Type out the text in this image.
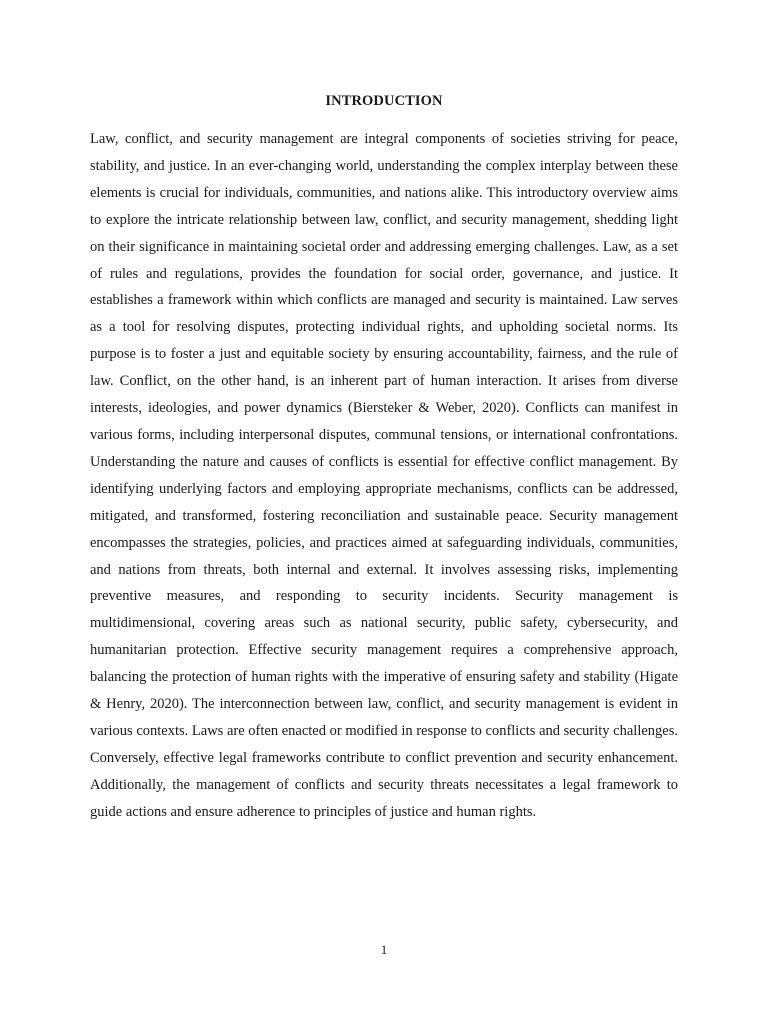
INTRODUCTION

Law, conflict, and security management are integral components of societies striving for peace, stability, and justice. In an ever-changing world, understanding the complex interplay between these elements is crucial for individuals, communities, and nations alike. This introductory overview aims to explore the intricate relationship between law, conflict, and security management, shedding light on their significance in maintaining societal order and addressing emerging challenges. Law, as a set of rules and regulations, provides the foundation for social order, governance, and justice. It establishes a framework within which conflicts are managed and security is maintained. Law serves as a tool for resolving disputes, protecting individual rights, and upholding societal norms. Its purpose is to foster a just and equitable society by ensuring accountability, fairness, and the rule of law. Conflict, on the other hand, is an inherent part of human interaction. It arises from diverse interests, ideologies, and power dynamics (Biersteker & Weber, 2020). Conflicts can manifest in various forms, including interpersonal disputes, communal tensions, or international confrontations. Understanding the nature and causes of conflicts is essential for effective conflict management. By identifying underlying factors and employing appropriate mechanisms, conflicts can be addressed, mitigated, and transformed, fostering reconciliation and sustainable peace. Security management encompasses the strategies, policies, and practices aimed at safeguarding individuals, communities, and nations from threats, both internal and external. It involves assessing risks, implementing preventive measures, and responding to security incidents. Security management is multidimensional, covering areas such as national security, public safety, cybersecurity, and humanitarian protection. Effective security management requires a comprehensive approach, balancing the protection of human rights with the imperative of ensuring safety and stability (Higate & Henry, 2020). The interconnection between law, conflict, and security management is evident in various contexts. Laws are often enacted or modified in response to conflicts and security challenges. Conversely, effective legal frameworks contribute to conflict prevention and security enhancement. Additionally, the management of conflicts and security threats necessitates a legal framework to guide actions and ensure adherence to principles of justice and human rights.

1
